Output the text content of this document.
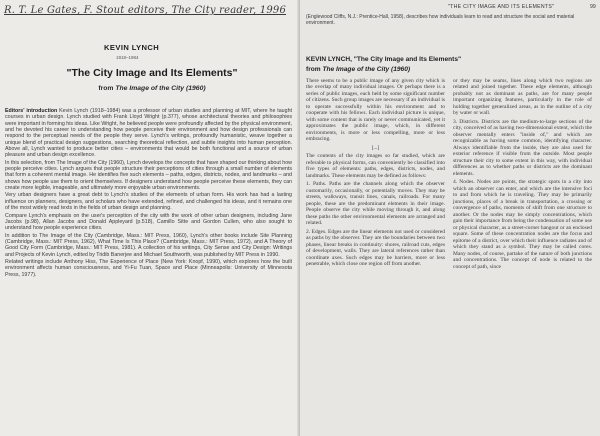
R. T. Le Gates, F. Stout editors, The City reader, 1996
KEVIN LYNCH
1918–1984
"The City Image and Its Elements"
from The Image of the City (1960)

Editors' introduction Kevin Lynch (1918–1984) was a professor of urban studies and planning at MIT, where he taught courses in urban design. Lynch studied with Frank Lloyd Wright (p.377), whose architectural theories and philosophies were important in forming his ideas. Like Wright, he believed people were profoundly affected by the physical environment, and he devoted his career to understanding how people perceive their environment and how design professionals can respond to the perceptual needs of the people they serve. Lynch's writings, profoundly humanistic, weave together a unique blend of practical design suggestions, searching theoretical reflection, and subtle insights into human perception. Above all, Lynch wanted to produce better cities – environments that would be both functional and a source of urban pleasure and urban design excellence.

In this selection, from The Image of the City (1960), Lynch develops the concepts that have shaped our thinking about how people perceive cities. Lynch argues that people structure their perceptions of cities through a small number of elements that form a coherent mental image. He identifies five such elements – paths, edges, districts, nodes, and landmarks – and shows how people use them to orient themselves. If designers understand how people perceive these elements, they can create more legible, imageable, and ultimately more enjoyable urban environments.

Very urban designers have a great debt to Lynch's studies of the elements of urban form. His work has had a lasting influence on planners, designers, and scholars who have extended, refined, and challenged his ideas, and it remains one of the most widely read texts in the fields of urban design and planning.

Compare Lynch's emphasis on the user's perception of the city with the work of other urban designers, including Jane Jacobs (p.98), Allan Jacobs and Donald Appleyard (p.518), Camillo Sitte and Gordon Cullen, who also sought to understand how people experience cities.

In addition to The Image of the City (Cambridge, Mass.: MIT Press, 1960), Lynch's other books include Site Planning (Cambridge, Mass.: MIT Press, 1962), What Time Is This Place? (Cambridge, Mass.: MIT Press, 1972), and A Theory of Good City Form (Cambridge, Mass.: MIT Press, 1981). A collection of his writings, City Sense and City Design: Writings and Projects of Kevin Lynch, edited by Tridib Banerjee and Michael Southworth, was published by MIT Press in 1990.

Related writings include Anthony Hiss, The Experience of Place (New York: Knopf, 1990), which explores how the built environment affects human consciousness, and Yi-Fu Tuan, Space and Place (Minneapolis: University of Minnesota Press, 1977).

"THE CITY IMAGE AND ITS ELEMENTS"	99
(Englewood Cliffs, N.J.: Prentice-Hall, 1958), describes how individuals learn to read and structure the social and material environment.
KEVIN LYNCH, "The City Image and Its Elements"
from The Image of the City (1960)

There seems to be a public image of any given city which is the overlap of many individual images. Or perhaps there is a series of public images, each held by some significant number of citizens. Such group images are necessary if an individual is to operate successfully within his environment and to cooperate with his fellows. Each individual picture is unique, with some content that is rarely or never communicated, yet it approximates the public image, which, in different environments, is more or less compelling, more or less embracing.

[...]

The contents of the city images so far studied, which are referable to physical forms, can conveniently be classified into five types of elements: paths, edges, districts, nodes, and landmarks. These elements may be defined as follows:

1. Paths. Paths are the channels along which the observer customarily, occasionally, or potentially moves. They may be streets, walkways, transit lines, canals, railroads. For many people, these are the predominant elements in their image. People observe the city while moving through it, and along these paths the other environmental elements are arranged and related.

2. Edges. Edges are the linear elements not used or considered as paths by the observer. They are the boundaries between two phases, linear breaks in continuity: shores, railroad cuts, edges of development, walls. They are lateral references rather than coordinate axes. Such edges may be barriers, more or less penetrable, which close one region off from another.

or they may be seams, lines along which two regions are related and joined together. These edge elements, although probably not as dominant as paths, are for many people important organizing features, particularly in the role of holding together generalized areas, as in the outline of a city by water or wall.

3. Districts. Districts are the medium-to-large sections of the city, conceived of as having two-dimensional extent, which the observer mentally enters "inside of," and which are recognizable as having some common, identifying character. Always identifiable from the inside, they are also used for exterior reference if visible from the outside. Most people structure their city to some extent in this way, with individual differences as to whether paths or districts are the dominant elements.

4. Nodes. Nodes are points, the strategic spots in a city into which an observer can enter, and which are the intensive foci to and from which he is traveling. They may be primarily junctions, places of a break in transportation, a crossing or convergence of paths, moments of shift from one structure to another. Or the nodes may be simply concentrations, which gain their importance from being the condensation of some use or physical character, as a street-corner hangout or an enclosed square. Some of these concentration nodes are the focus and epitome of a district, over which their influence radiates and of which they stand as a symbol. They may be called cores. Many nodes, of course, partake of the nature of both junctions and concentrations. The concept of node is related to the concept of path, since
